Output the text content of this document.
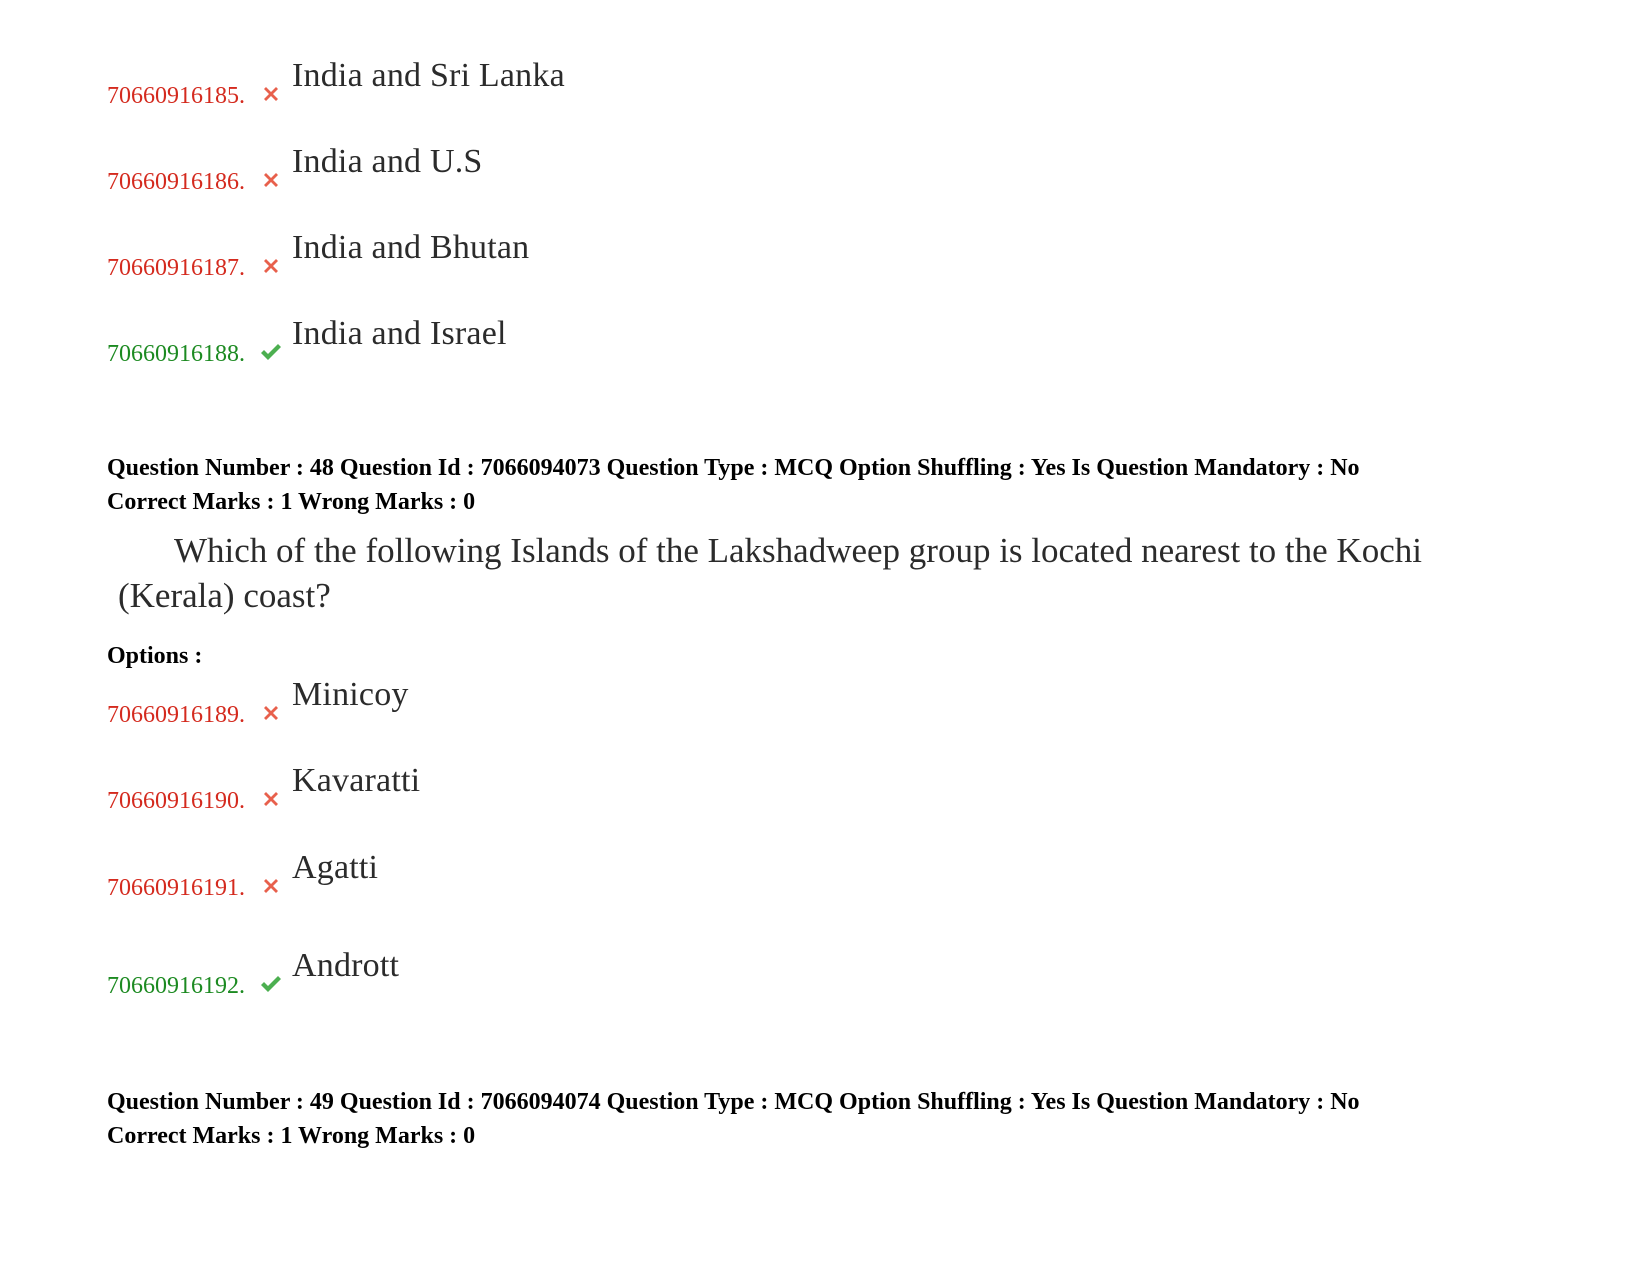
70660916185.
India and Sri Lanka
70660916186.
India and U.S
70660916187.
India and Bhutan
70660916188.
India and Israel
Question Number : 48 Question Id : 7066094073 Question Type : MCQ Option Shuffling : Yes Is Question Mandatory : No
Correct Marks : 1 Wrong Marks : 0
Which of the following Islands of the Lakshadweep group is located nearest to the Kochi (Kerala) coast?
Options :
70660916189.
Minicoy
70660916190.
Kavaratti
70660916191.
Agatti
70660916192.
Andrott
Question Number : 49 Question Id : 7066094074 Question Type : MCQ Option Shuffling : Yes Is Question Mandatory : No
Correct Marks : 1 Wrong Marks : 0
